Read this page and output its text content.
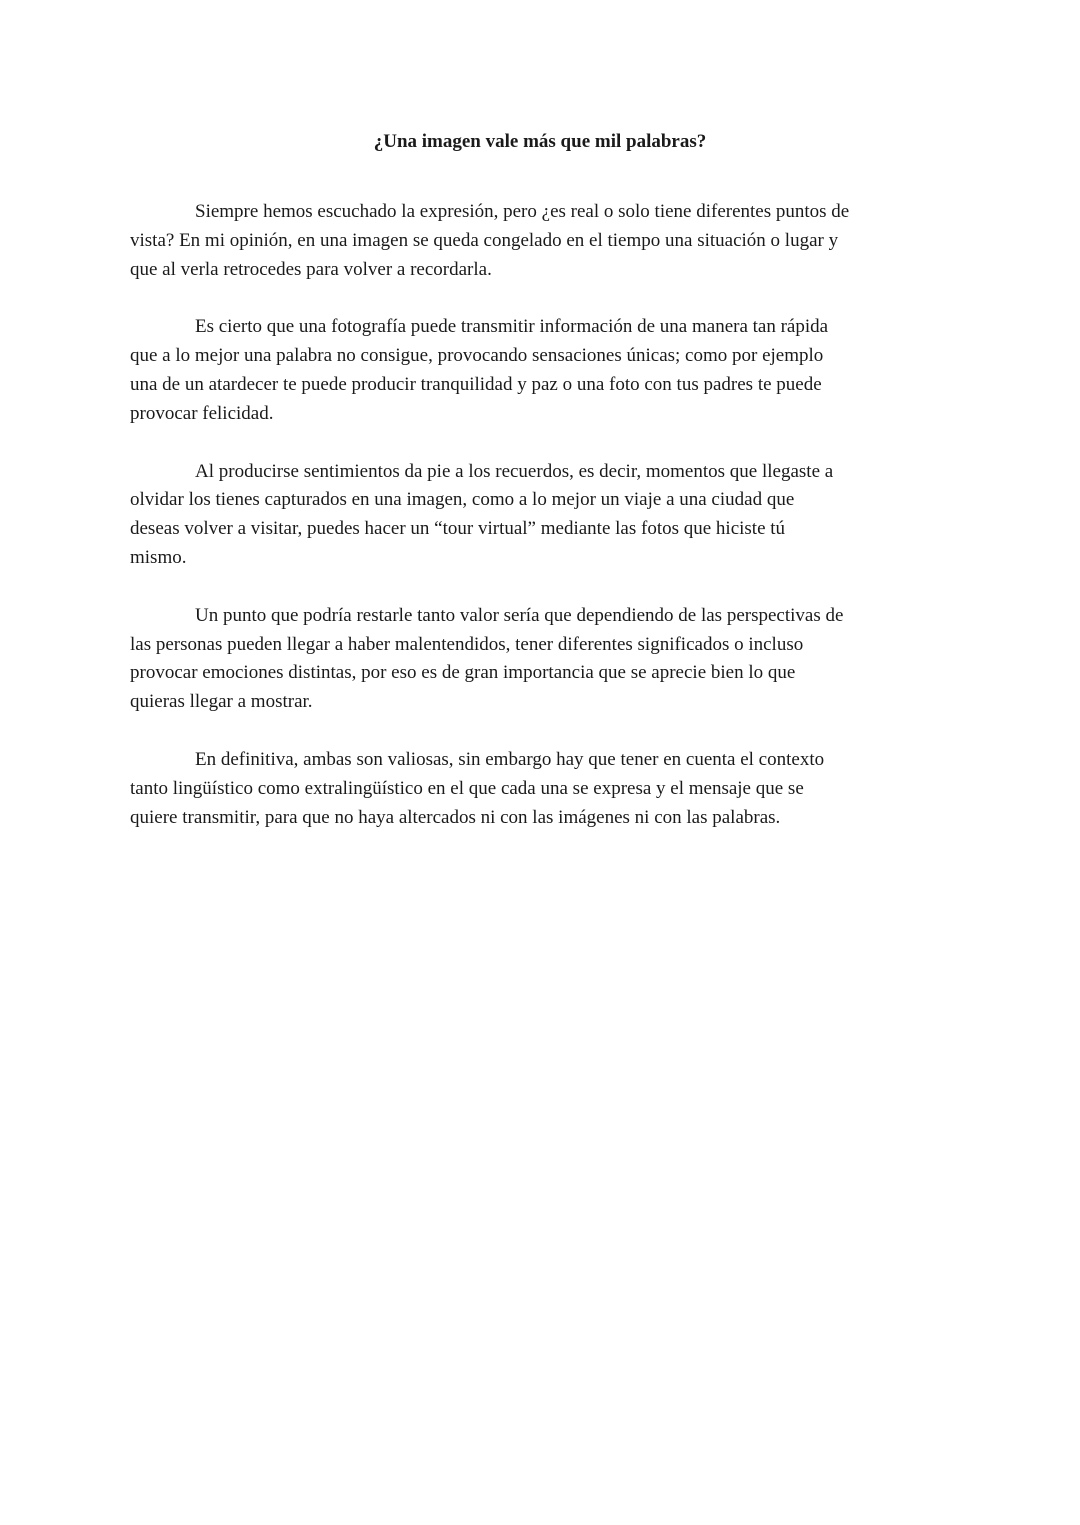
¿Una imagen vale más que mil palabras?
Siempre hemos escuchado la expresión, pero ¿es real o solo tiene diferentes puntos de
vista? En mi opinión, en una imagen se queda congelado en el tiempo una situación o lugar y
que al verla retrocedes para volver a recordarla.
Es cierto que una fotografía puede transmitir información de una manera tan rápida
que a lo mejor una palabra no consigue, provocando sensaciones únicas; como por ejemplo
una de un atardecer te puede producir tranquilidad y paz o una foto con tus padres te puede
provocar felicidad.
Al producirse sentimientos da pie a los recuerdos, es decir, momentos que llegaste a
olvidar los tienes capturados en una imagen, como a lo mejor un viaje a una ciudad que
deseas volver a visitar, puedes hacer un “tour virtual” mediante las fotos que hiciste tú
mismo.
Un punto que podría restarle tanto valor sería que dependiendo de las perspectivas de
las personas pueden llegar a haber malentendidos, tener diferentes significados o incluso
provocar emociones distintas, por eso es de gran importancia que se aprecie bien lo que
quieras llegar a mostrar.
En definitiva, ambas son valiosas, sin embargo hay que tener en cuenta el contexto
tanto lingüístico como extralingüístico en el que cada una se expresa y el mensaje que se
quiere transmitir, para que no haya altercados ni con las imágenes ni con las palabras.
